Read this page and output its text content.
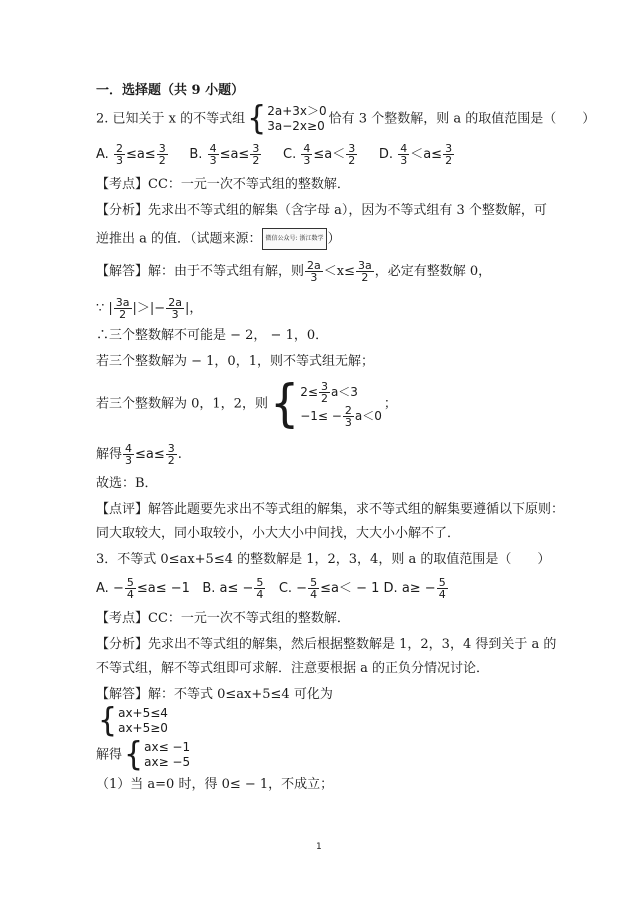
一．选择题（共 9 小题）
2. 已知关于 x 的不等式组 { 2a+3x＞0
3a−2x≥0 恰有 3 个整数解，则 a 的取值范围是（　　）
A. $\frac{2}{3} \le a\le \frac{3}{2} B$. $\frac{4}{3} \le a\le \frac{3}{2} C$. $\frac{4}{3} \le a< \frac{3}{2} D$. $\frac{4}{3} <a\le \frac{3}{2}$
【考点】CC：一元一次不等式组的整数解．
【分析】先求出不等式组的解集（含字母 a），因为不等式组有 3 个整数解，可
逆推出 a 的值．（试题来源： 微信公众号: 浙江数学 ）
【解答】解：由于不等式组有解，则 $\frac{2a}{3} <x\le \frac{3a}{2}$ ，必定有整数解 0，
∵ | $\frac{3a}{2}$ |＞|− $\frac{2a}{3}$ |，
∴三个整数解不可能是 − 2， − 1，0．
若三个整数解为 − 1，0，1，则不等式组无解；
若三个整数解为 0，1，2，则 { $2\le \frac{3}{2} a<3$
$-1\le - \frac{2}{3} a<0$
；
解得 $\frac{4}{3} \le a\le \frac{3}{2}$ .
故选：B．
【点评】解答此题要先求出不等式组的解集，求不等式组的解集要遵循以下原则：
同大取较大，同小取较小，小大大小中间找，大大小小解不了．
3．不等式 0≤ax+5≤4 的整数解是 1，2，3，4，则 a 的取值范围是（　　）
A. − $\frac{5}{4} \le a\le -1$ B. $a\le - \frac{5}{4} C$. − $\frac{5}{4} \le a< - 1$ D. $a\ge - \frac{5}{4}$
【考点】CC：一元一次不等式组的整数解．
【分析】先求出不等式组的解集，然后根据整数解是 1，2，3，4 得到关于 a 的
不等式组，解不等式组即可求解．注意要根据 a 的正负分情况讨论．
【解答】解：不等式 0≤ax+5≤4 可化为
{ ax+5≤4
ax+5≥0
解得 { ax≤ −1
ax≥ −5
（1）当 a=0 时，得 0≤ − 1，不成立；
1
